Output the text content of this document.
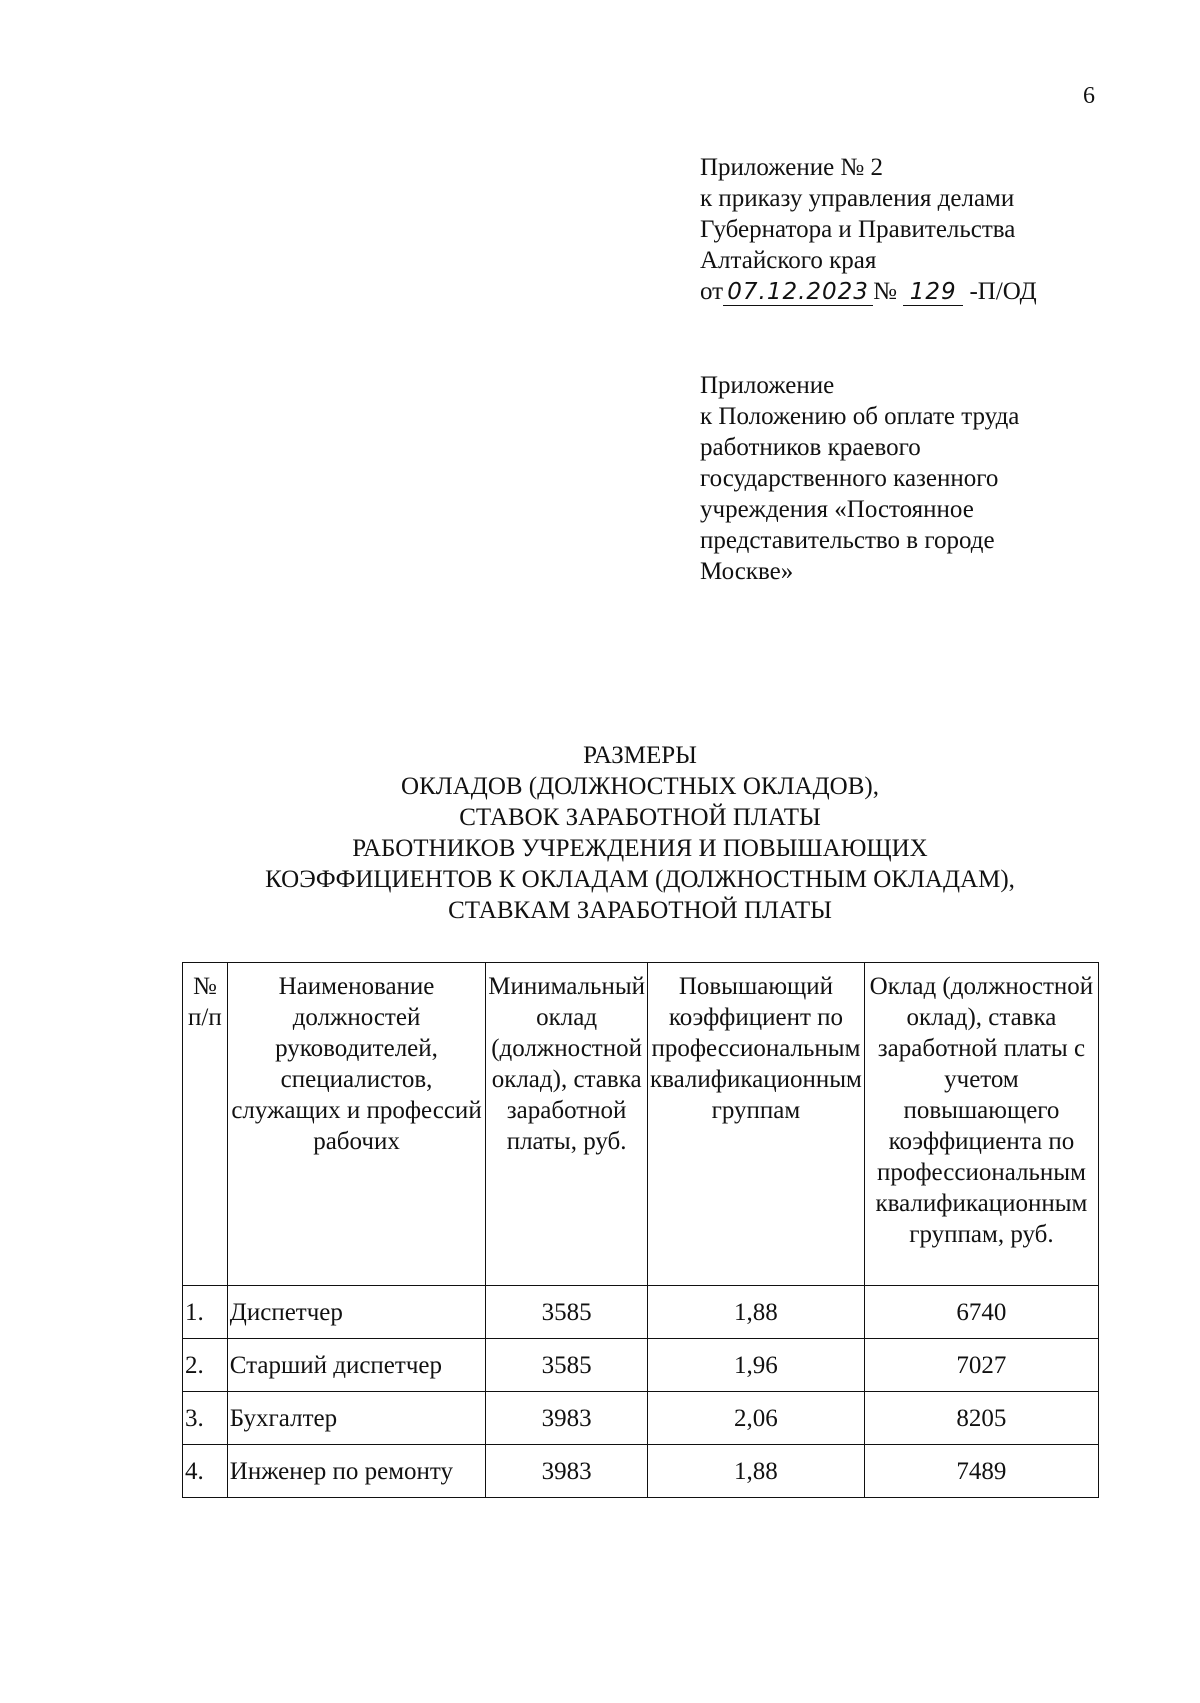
6
Приложение № 2
к приказу управления делами
Губернатора и Правительства
Алтайского края
от 07.12.2023 № 129 -П/ОД
Приложение
к Положению об оплате труда
работников краевого
государственного казенного
учреждения «Постоянное
представительство в городе
Москве»
РАЗМЕРЫ
ОКЛАДОВ (ДОЛЖНОСТНЫХ ОКЛАДОВ),
СТАВОК ЗАРАБОТНОЙ ПЛАТЫ
РАБОТНИКОВ УЧРЕЖДЕНИЯ И ПОВЫШАЮЩИХ
КОЭФФИЦИЕНТОВ К ОКЛАДАМ (ДОЛЖНОСТНЫМ ОКЛАДАМ),
СТАВКАМ ЗАРАБОТНОЙ ПЛАТЫ
№ п/п	Наименование должностей руководителей, специалистов, служащих и профессий рабочих	Минимальный оклад (должностной оклад), ставка заработной платы, руб.	Повышающий коэффициент по профессиональным квалификационным группам	Оклад (должностной оклад), ставка заработной платы с учетом повышающего коэффициента по профессиональным квалификационным группам, руб.

1.	Диспетчер	3585	1,88	6740
2.	Старший диспетчер	3585	1,96	7027
3.	Бухгалтер	3983	2,06	8205
4.	Инженер по ремонту	3983	1,88	7489
